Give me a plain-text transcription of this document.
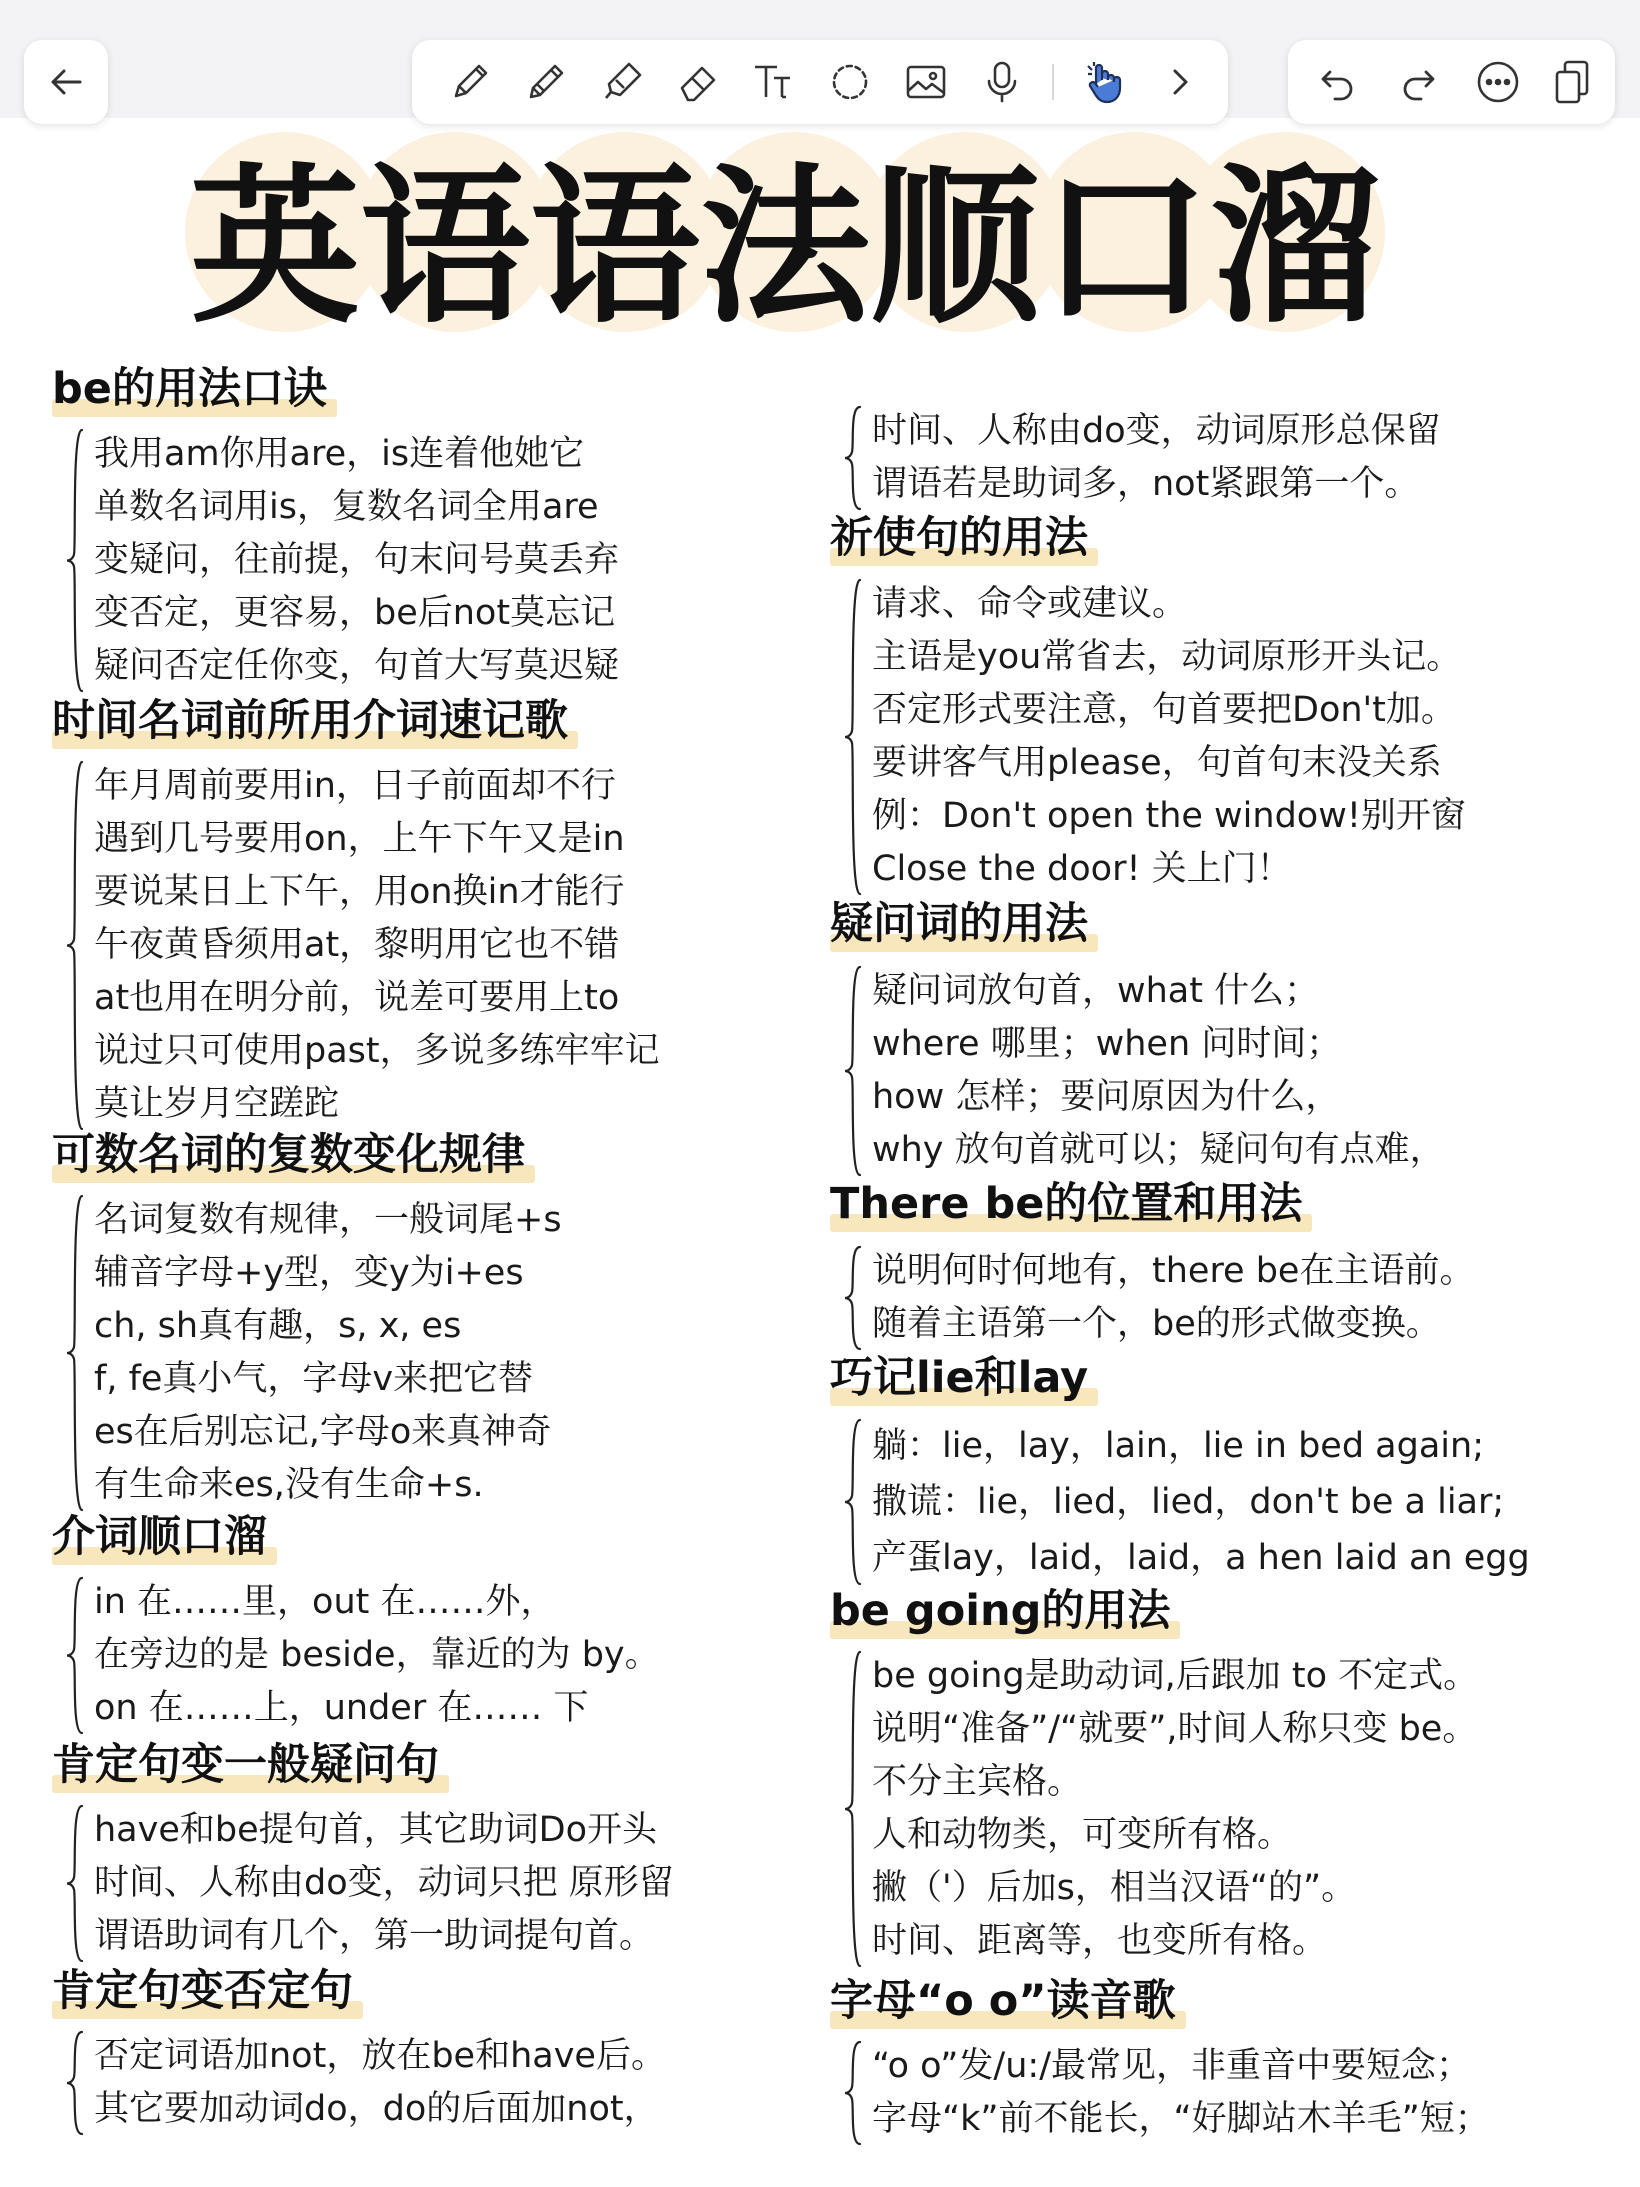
英语语法顺口溜
be的用法口诀
我用am你用are，is连着他她它
单数名词用is，复数名词全用are
变疑问，往前提，句末问号莫丢弃
变否定，更容易，be后not莫忘记
疑问否定任你变，句首大写莫迟疑
时间名词前所用介词速记歌
年月周前要用in，日子前面却不行
遇到几号要用on，上午下午又是in
要说某日上下午，用on换in才能行
午夜黄昏须用at，黎明用它也不错
at也用在明分前，说差可要用上to
说过只可使用past，多说多练牢牢记
莫让岁月空蹉跎
可数名词的复数变化规律
名词复数有规律，一般词尾+s
辅音字母+y型，变y为i+es
ch, sh真有趣，s, x, es
f, fe真小气，字母v来把它替
es在后别忘记,字母o来真神奇
有生命来es,没有生命+s.
介词顺口溜
in 在……里，out 在……外，
在旁边的是 beside，靠近的为 by。
on 在……上，under 在…… 下
肯定句变一般疑问句
have和be提句首，其它助词Do开头
时间、人称由do变，动词只把 原形留
谓语助词有几个，第一助词提句首。
肯定句变否定句
否定词语加not，放在be和have后。
其它要加动词do，do的后面加not，
时间、人称由do变，动词原形总保留
谓语若是助词多，not紧跟第一个。
祈使句的用法
请求、命令或建议。
主语是you常省去，动词原形开头记。
否定形式要注意，句首要把Don't加。
要讲客气用please，句首句末没关系
例：Don't open the window!别开窗
Close the door! 关上门！
疑问词的用法
疑问词放句首，what 什么；
where 哪里；when 问时间；
how 怎样；要问原因为什么，
why 放句首就可以；疑问句有点难，
There be的位置和用法
说明何时何地有，there be在主语前。
随着主语第一个，be的形式做变换。
巧记lie和lay
躺：lie，lay，lain，lie in bed again;
撒谎：lie，lied，lied，don't be a liar;
产蛋lay，laid，laid，a hen laid an egg
be going的用法
be going是助动词,后跟加 to 不定式。
说明“准备”/“就要”,时间人称只变 be。
不分主宾格。
人和动物类，可变所有格。
撇（'）后加s，相当汉语“的”。
时间、距离等，也变所有格。
字母“o o”读音歌
“o o”发/u:/最常见，非重音中要短念；
字母“k”前不能长，“好脚站木羊毛”短；
